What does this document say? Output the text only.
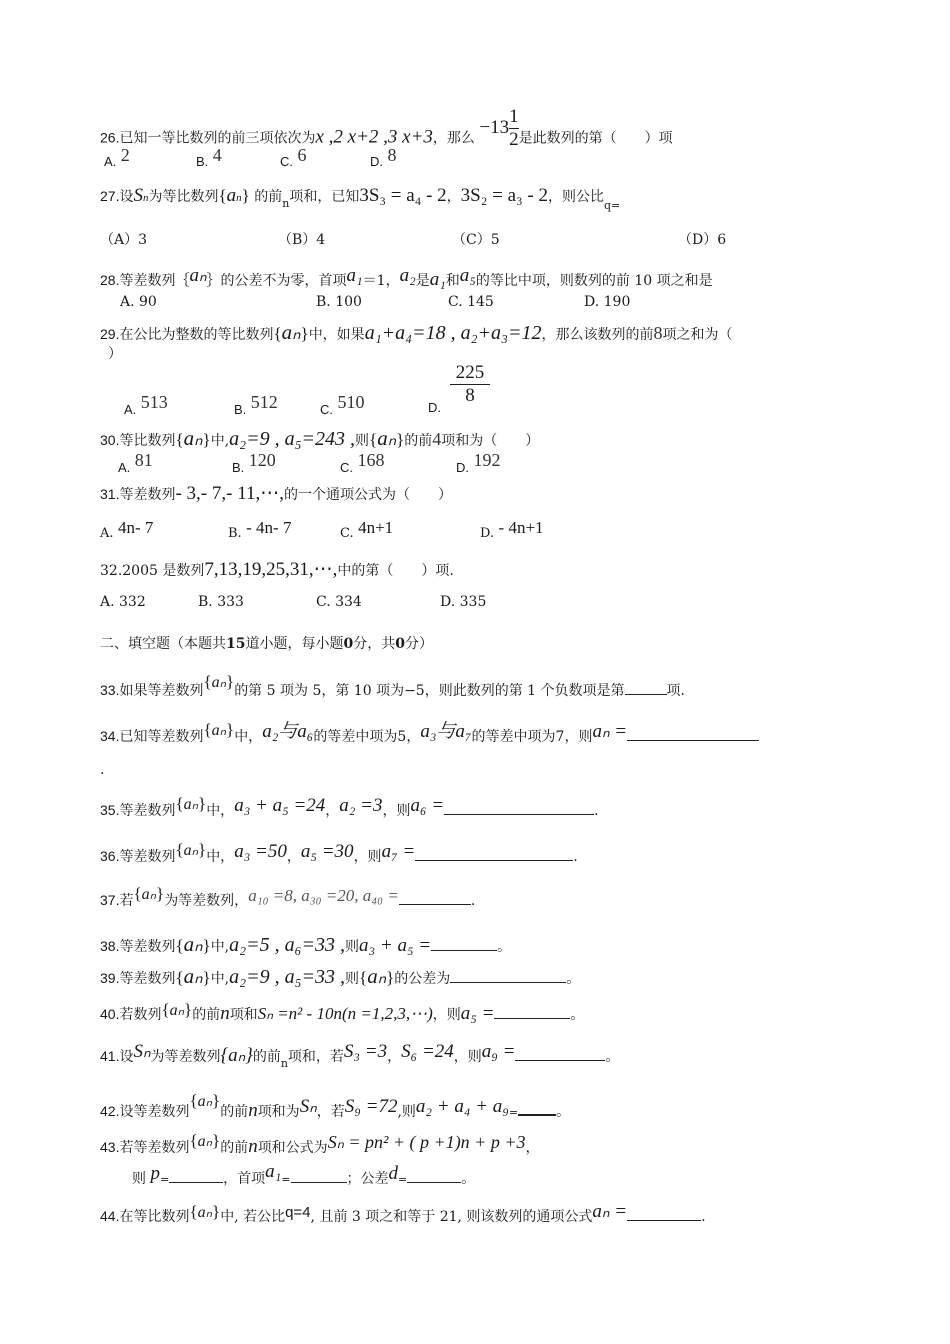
26.已知一等比数列的前三项依次为x ,2 x+2 ,3 x+3，那么 $-13 \frac{1}{2}$ 是此数列的第（　　）项
A. 2	B. 4	C. 6	D. 8
27.设Sn为等比数列{an} 的前$_n$项和，已知3S₃ = a₄ - 2，3S₂ = a₃ - 2，则公比$_{q=}$
（A）3	（B）4	（C）5	（D）6
28.等差数列｛aₙ｝的公差不为零，首项a₁＝1，a₂是a₁和a₅的等比中项，则数列的前 10 项之和是
A. 90	B. 100	C. 145	D. 190
29.在公比为整数的等比数列{aₙ}中，如果a₁+a₄=18 , a₂+a₃=12，那么该数列的前8项之和为（
）
A. 513	B. 512	C. 510	D.
225
8
30.等比数列{aₙ}中,a₂=9 , a₅=243 ,则{aₙ}的前4项和为（　　）
A. 81	B. 120	C. 168	D. 192
31.等差数列- 3,- 7,- 11,⋯,的一个通项公式为（　　）
A. 4n- 7	B. - 4n- 7	C. 4n+1	D. - 4n+1
32.2005 是数列7,13,19,25,31,⋯,中的第（　　）项.
A. 332	B. 333	C. 334	D. 335
二、填空题（本题共15道小题，每小题0分，共0分）
33.如果等差数列{aₙ}的第 5 项为 5，第 10 项为−5，则此数列的第 1 个负数项是第	项.
34.已知等差数列{aₙ}中，a₂与a₆的等差中项为5，a₃与a₇的等差中项为7，则aₙ =
.
35.等差数列{aₙ}中，a₃ + a₅ =24，a₂ =3，则a₆ =	.
36.等差数列{aₙ}中，a₃ =50，a₅ =30，则a₇ =	.
37.若{aₙ}为等差数列，a₁₀ =8, a₃₀ =20, a₄₀ =	.
38.等差数列{aₙ}中,a₂=5 , a₆=33 ,则a₃ + a₅ =	。
39.等差数列{aₙ}中,a₂=9 , a₅=33 ,则{aₙ}的公差为	。
40.若数列{aₙ}的前n项和Sₙ =n² - 10n(n =1,2,3,⋯)，则a₅ =	。
41.设Sₙ为等差数列{aₙ}的前$_n$项和，若S₃ =3，S₆ =24，则a₉ =	。
42.设等差数列{aₙ}的前n项和为Sₙ，若S₉ =72,则a₂ + a₄ + a₉=	。
43.若等差数列{aₙ}的前n项和公式为Sₙ = pn² + ( p +1)n + p +3，
则 p=	，首项a₁=	；公差d=	。
44.在等比数列{aₙ}中, 若公比q=4, 且前 3 项之和等于 21, 则该数列的通项公式aₙ =	.
